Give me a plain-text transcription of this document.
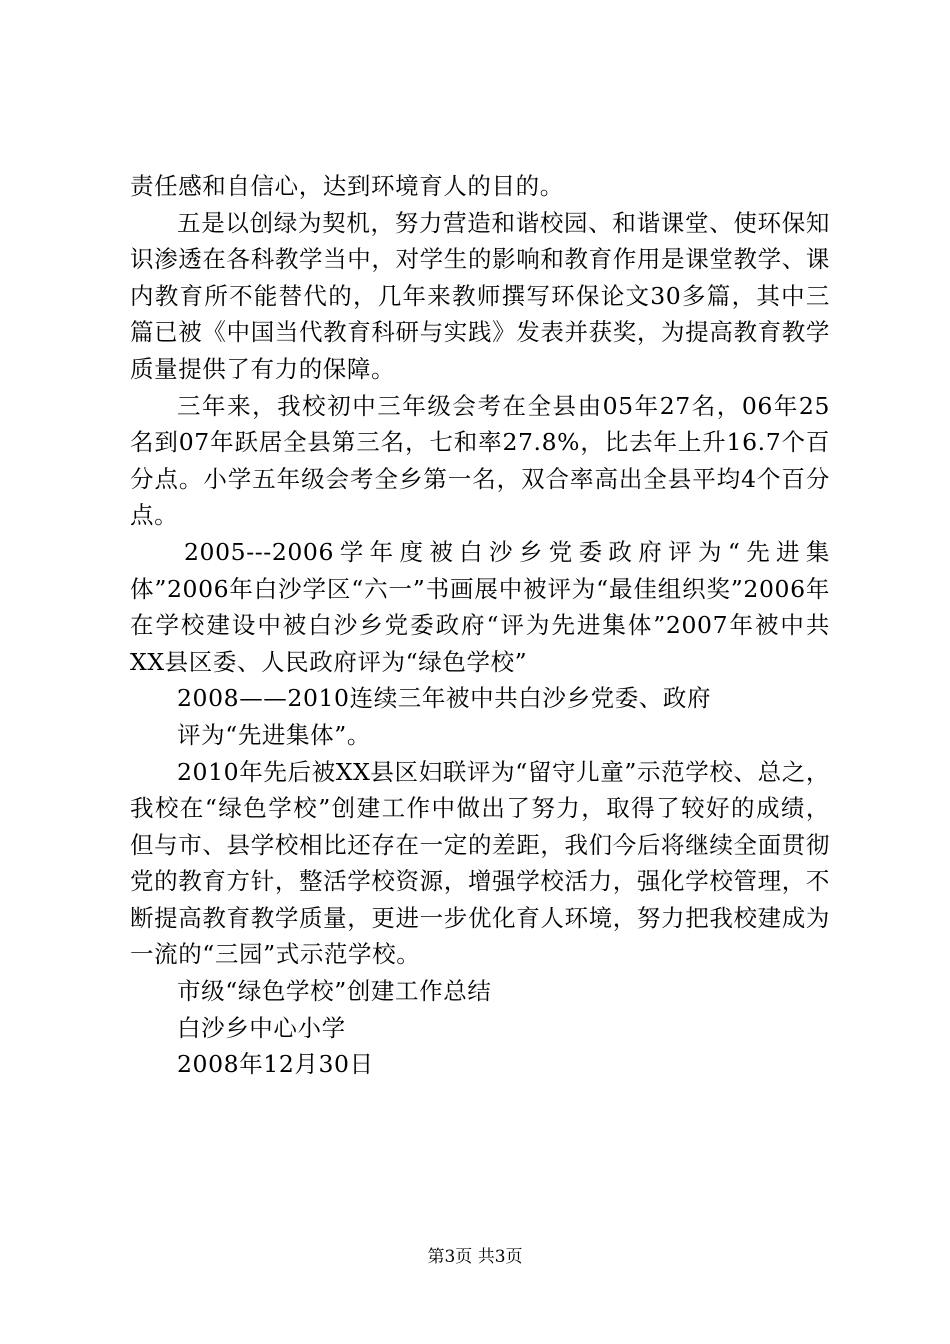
责任感和自信心，达到环境育人的目的。

五是以创绿为契机，努力营造和谐校园、和谐课堂、使环保知识渗透在各科教学当中，对学生的影响和教育作用是课堂教学、课内教育所不能替代的，几年来教师撰写环保论文30多篇，其中三篇已被《中国当代教育科研与实践》发表并获奖，为提高教育教学质量提供了有力的保障。

三年来，我校初中三年级会考在全县由05年27名，06年25名到07年跃居全县第三名，七和率27.8%，比去年上升16.7个百分点。小学五年级会考全乡第一名，双合率高出全县平均4个百分点。

2005---2006学年度被白沙乡党委政府评为“先进集体”2006年白沙学区“六一”书画展中被评为“最佳组织奖”2006年在学校建设中被白沙乡党委政府“评为先进集体”2007年被中共XX县区委、人民政府评为“绿色学校”

2008——2010连续三年被中共白沙乡党委、政府

评为“先进集体”。

2010年先后被XX县区妇联评为“留守儿童”示范学校、总之，我校在“绿色学校”创建工作中做出了努力，取得了较好的成绩，但与市、县学校相比还存在一定的差距，我们今后将继续全面贯彻党的教育方针，整活学校资源，增强学校活力，强化学校管理，不断提高教育教学质量，更进一步优化育人环境，努力把我校建成为一流的“三园”式示范学校。

市级“绿色学校”创建工作总结

白沙乡中心小学

2008年12月30日

第3页 共3页
